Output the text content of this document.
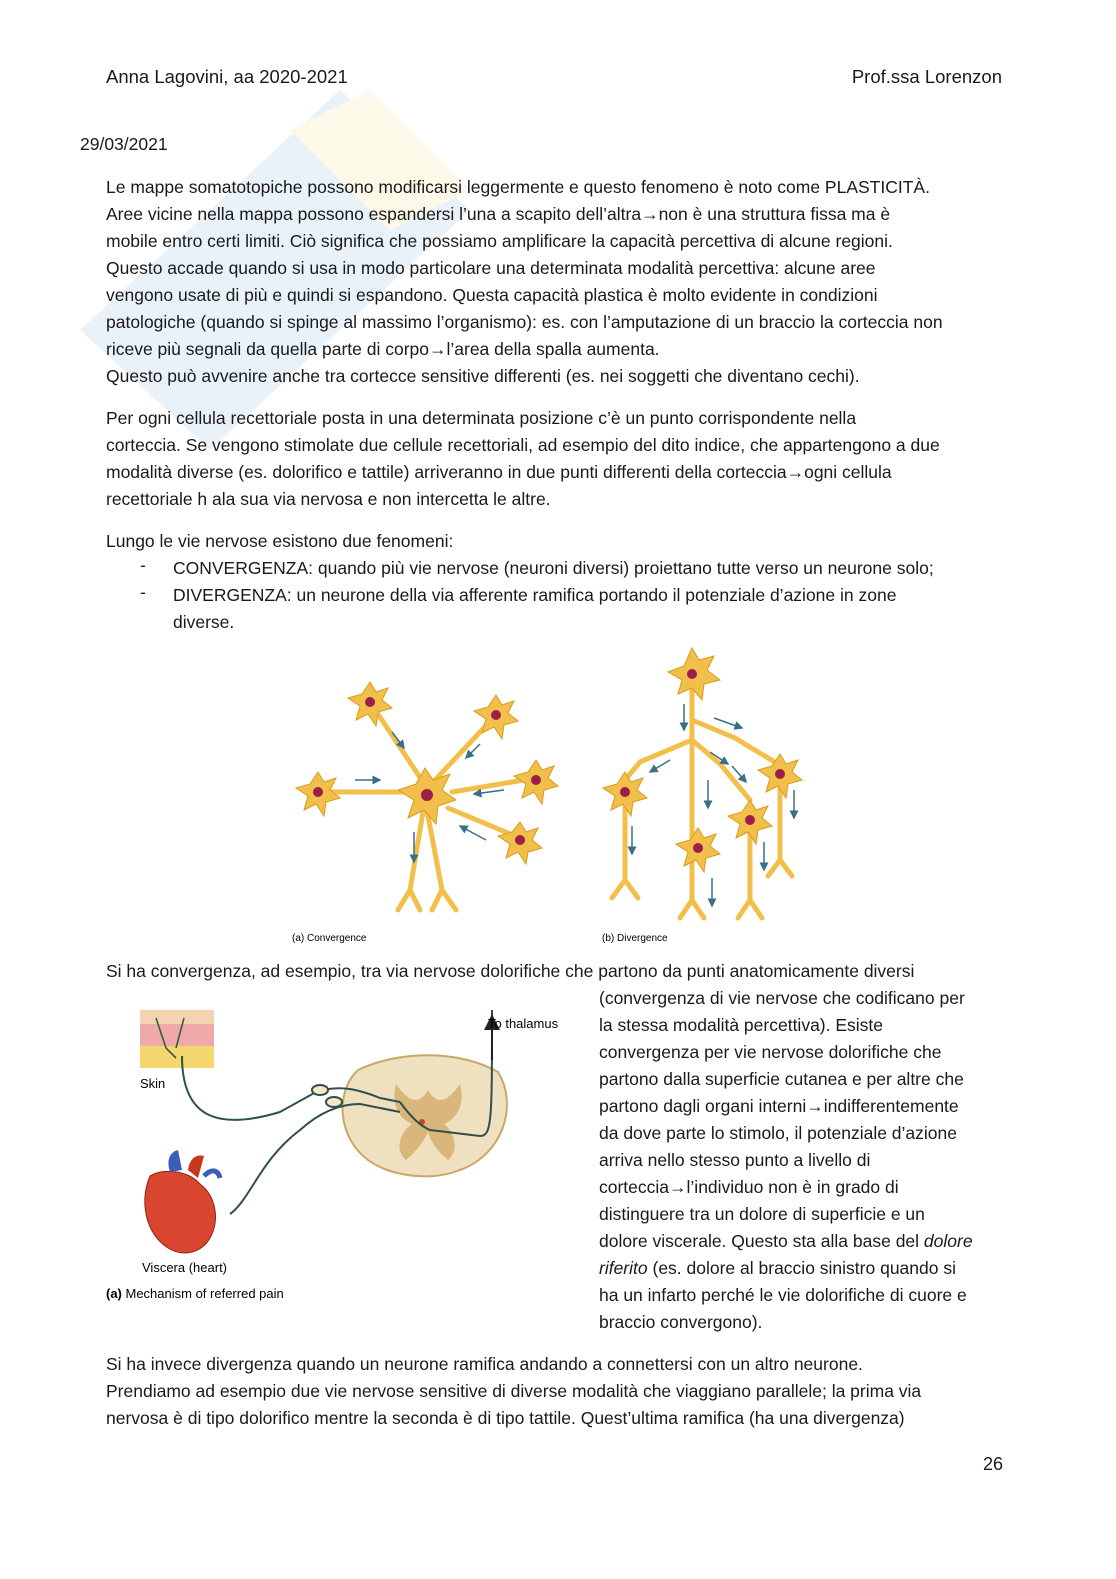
Anna Lagovini, aa 2020-2021	Prof.ssa Lorenzon
29/03/2021
Le mappe somatotopiche possono modificarsi leggermente e questo fenomeno è noto come PLASTICITÀ.
Aree vicine nella mappa possono espandersi l’una a scapito dell’altra→non è una struttura fissa ma è
mobile entro certi limiti. Ciò significa che possiamo amplificare la capacità percettiva di alcune regioni.
Questo accade quando si usa in modo particolare una determinata modalità percettiva: alcune aree
vengono usate di più e quindi si espandono. Questa capacità plastica è molto evidente in condizioni
patologiche (quando si spinge al massimo l’organismo): es. con l’amputazione di un braccio la corteccia non
riceve più segnali da quella parte di corpo→l’area della spalla aumenta.
Questo può avvenire anche tra cortecce sensitive differenti (es. nei soggetti che diventano cechi).
Per ogni cellula recettoriale posta in una determinata posizione c’è un punto corrispondente nella
corteccia. Se vengono stimolate due cellule recettoriali, ad esempio del dito indice, che appartengono a due
modalità diverse (es. dolorifico e tattile) arriveranno in due punti differenti della corteccia→ogni cellula
recettoriale h ala sua via nervosa e non intercetta le altre.
Lungo le vie nervose esistono due fenomeni:
- CONVERGENZA: quando più vie nervose (neuroni diversi) proiettano tutte verso un neurone solo;
- DIVERGENZA: un neurone della via afferente ramifica portando il potenziale d’azione in zone
diverse.
(a) Convergence	(b) Divergence
Si ha convergenza, ad esempio, tra via nervose dolorifiche che partono da punti anatomicamente diversi
(convergenza di vie nervose che codificano per
la stessa modalità percettiva). Esiste
convergenza per vie nervose dolorifiche che
partono dalla superficie cutanea e per altre che
partono dagli organi interni→indifferentemente
da dove parte lo stimolo, il potenziale d’azione
arriva nello stesso punto a livello di
corteccia→l’individuo non è in grado di
distinguere tra un dolore di superficie e un
dolore viscerale. Questo sta alla base del dolore
riferito (es. dolore al braccio sinistro quando si
ha un infarto perché le vie dolorifiche di cuore e
braccio convergono).
Skin
To thalamus
Viscera (heart)
(a) Mechanism of referred pain
Si ha invece divergenza quando un neurone ramifica andando a connettersi con un altro neurone.
Prendiamo ad esempio due vie nervose sensitive di diverse modalità che viaggiano parallele; la prima via
nervosa è di tipo dolorifico mentre la seconda è di tipo tattile. Quest’ultima ramifica (ha una divergenza)
26
